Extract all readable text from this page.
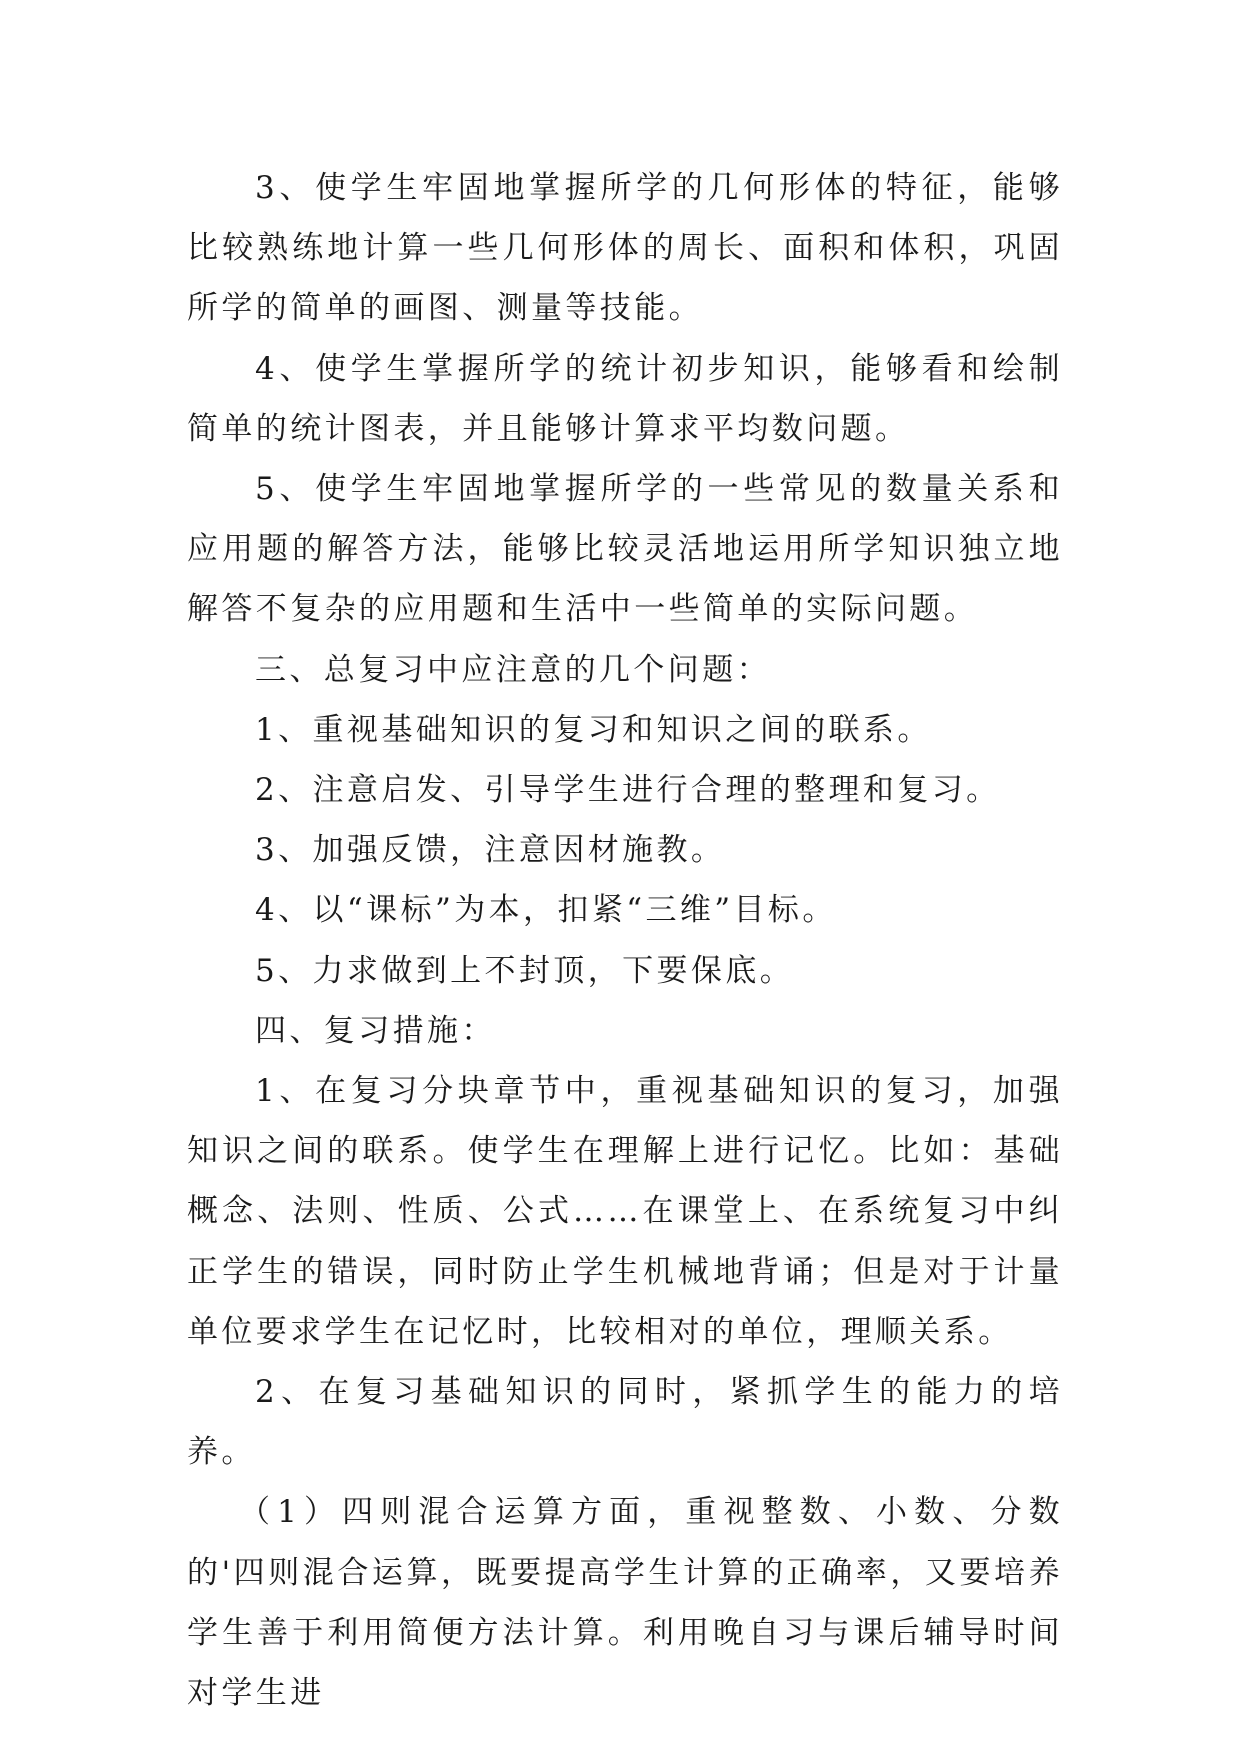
3、使学生牢固地掌握所学的几何形体的特征，能够比较熟练地计算一些几何形体的周长、面积和体积，巩固所学的简单的画图、测量等技能。

4、使学生掌握所学的统计初步知识，能够看和绘制简单的统计图表，并且能够计算求平均数问题。

5、使学生牢固地掌握所学的一些常见的数量关系和应用题的解答方法，能够比较灵活地运用所学知识独立地解答不复杂的应用题和生活中一些简单的实际问题。

三、总复习中应注意的几个问题：

1、重视基础知识的复习和知识之间的联系。

2、注意启发、引导学生进行合理的整理和复习。

3、加强反馈，注意因材施教。

4、以“课标”为本，扣紧“三维”目标。

5、力求做到上不封顶，下要保底。

四、复习措施：

1、在复习分块章节中，重视基础知识的复习，加强知识之间的联系。使学生在理解上进行记忆。比如：基础概念、法则、性质、公式……在课堂上、在系统复习中纠正学生的错误，同时防止学生机械地背诵；但是对于计量单位要求学生在记忆时，比较相对的单位，理顺关系。

2、在复习基础知识的同时，紧抓学生的能力的培养。

（1）四则混合运算方面，重视整数、小数、分数的'四则混合运算，既要提高学生计算的正确率，又要培养学生善于利用简便方法计算。利用晚自习与课后辅导时间对学生进
